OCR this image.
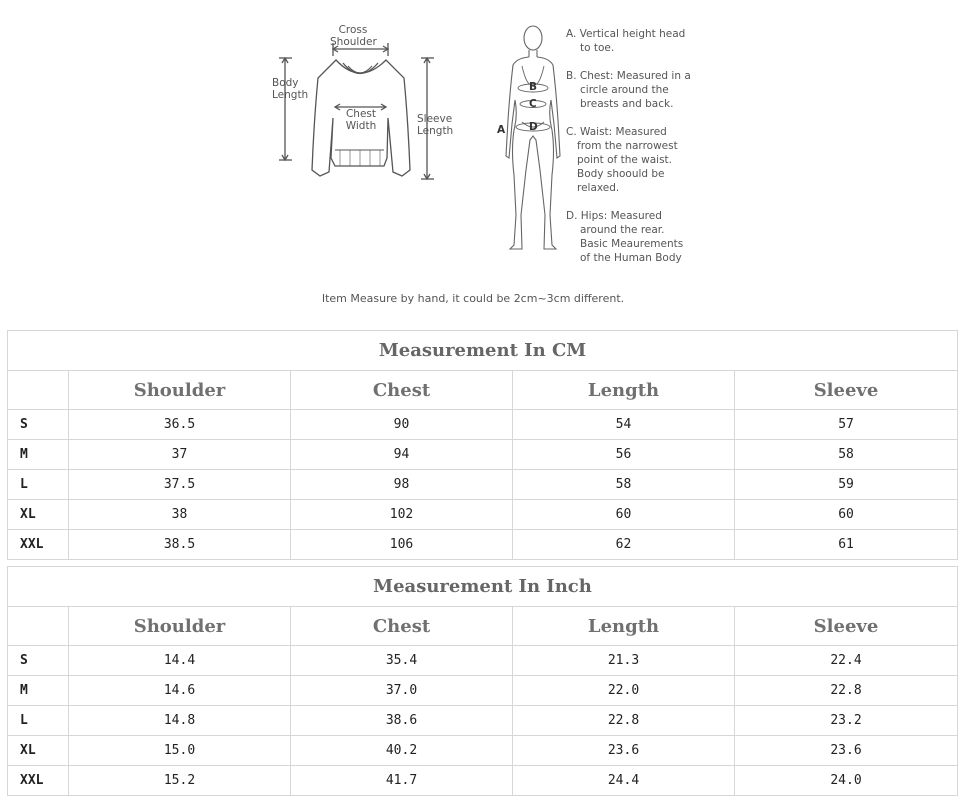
Cross
Shoulder
Body
Length
Chest
Width
Sleeve
Length	A
B
C
D
A. Vertical height head
to toe.
B. Chest: Measured in a
circle around the
breasts and back.
C. Waist: Measured
from the narrowest
point of the waist.
Body shoould be
relaxed.
D. Hips: Measured
around the rear.
Basic Meaurements
of the Human Body
Item Measure by hand, it could be 2cm~3cm different.
Measurement In CM				
	Shoulder	Chest	Length	Sleeve
S	36.5	90	54	57
M	37	94	56	58
L	37.5	98	58	59
XL	38	102	60	60
XXL	38.5	106	62	61
Measurement In Inch				
	Shoulder	Chest	Length	Sleeve
S	14.4	35.4	21.3	22.4
M	14.6	37.0	22.0	22.8
L	14.8	38.6	22.8	23.2
XL	15.0	40.2	23.6	23.6
XXL	15.2	41.7	24.4	24.0
